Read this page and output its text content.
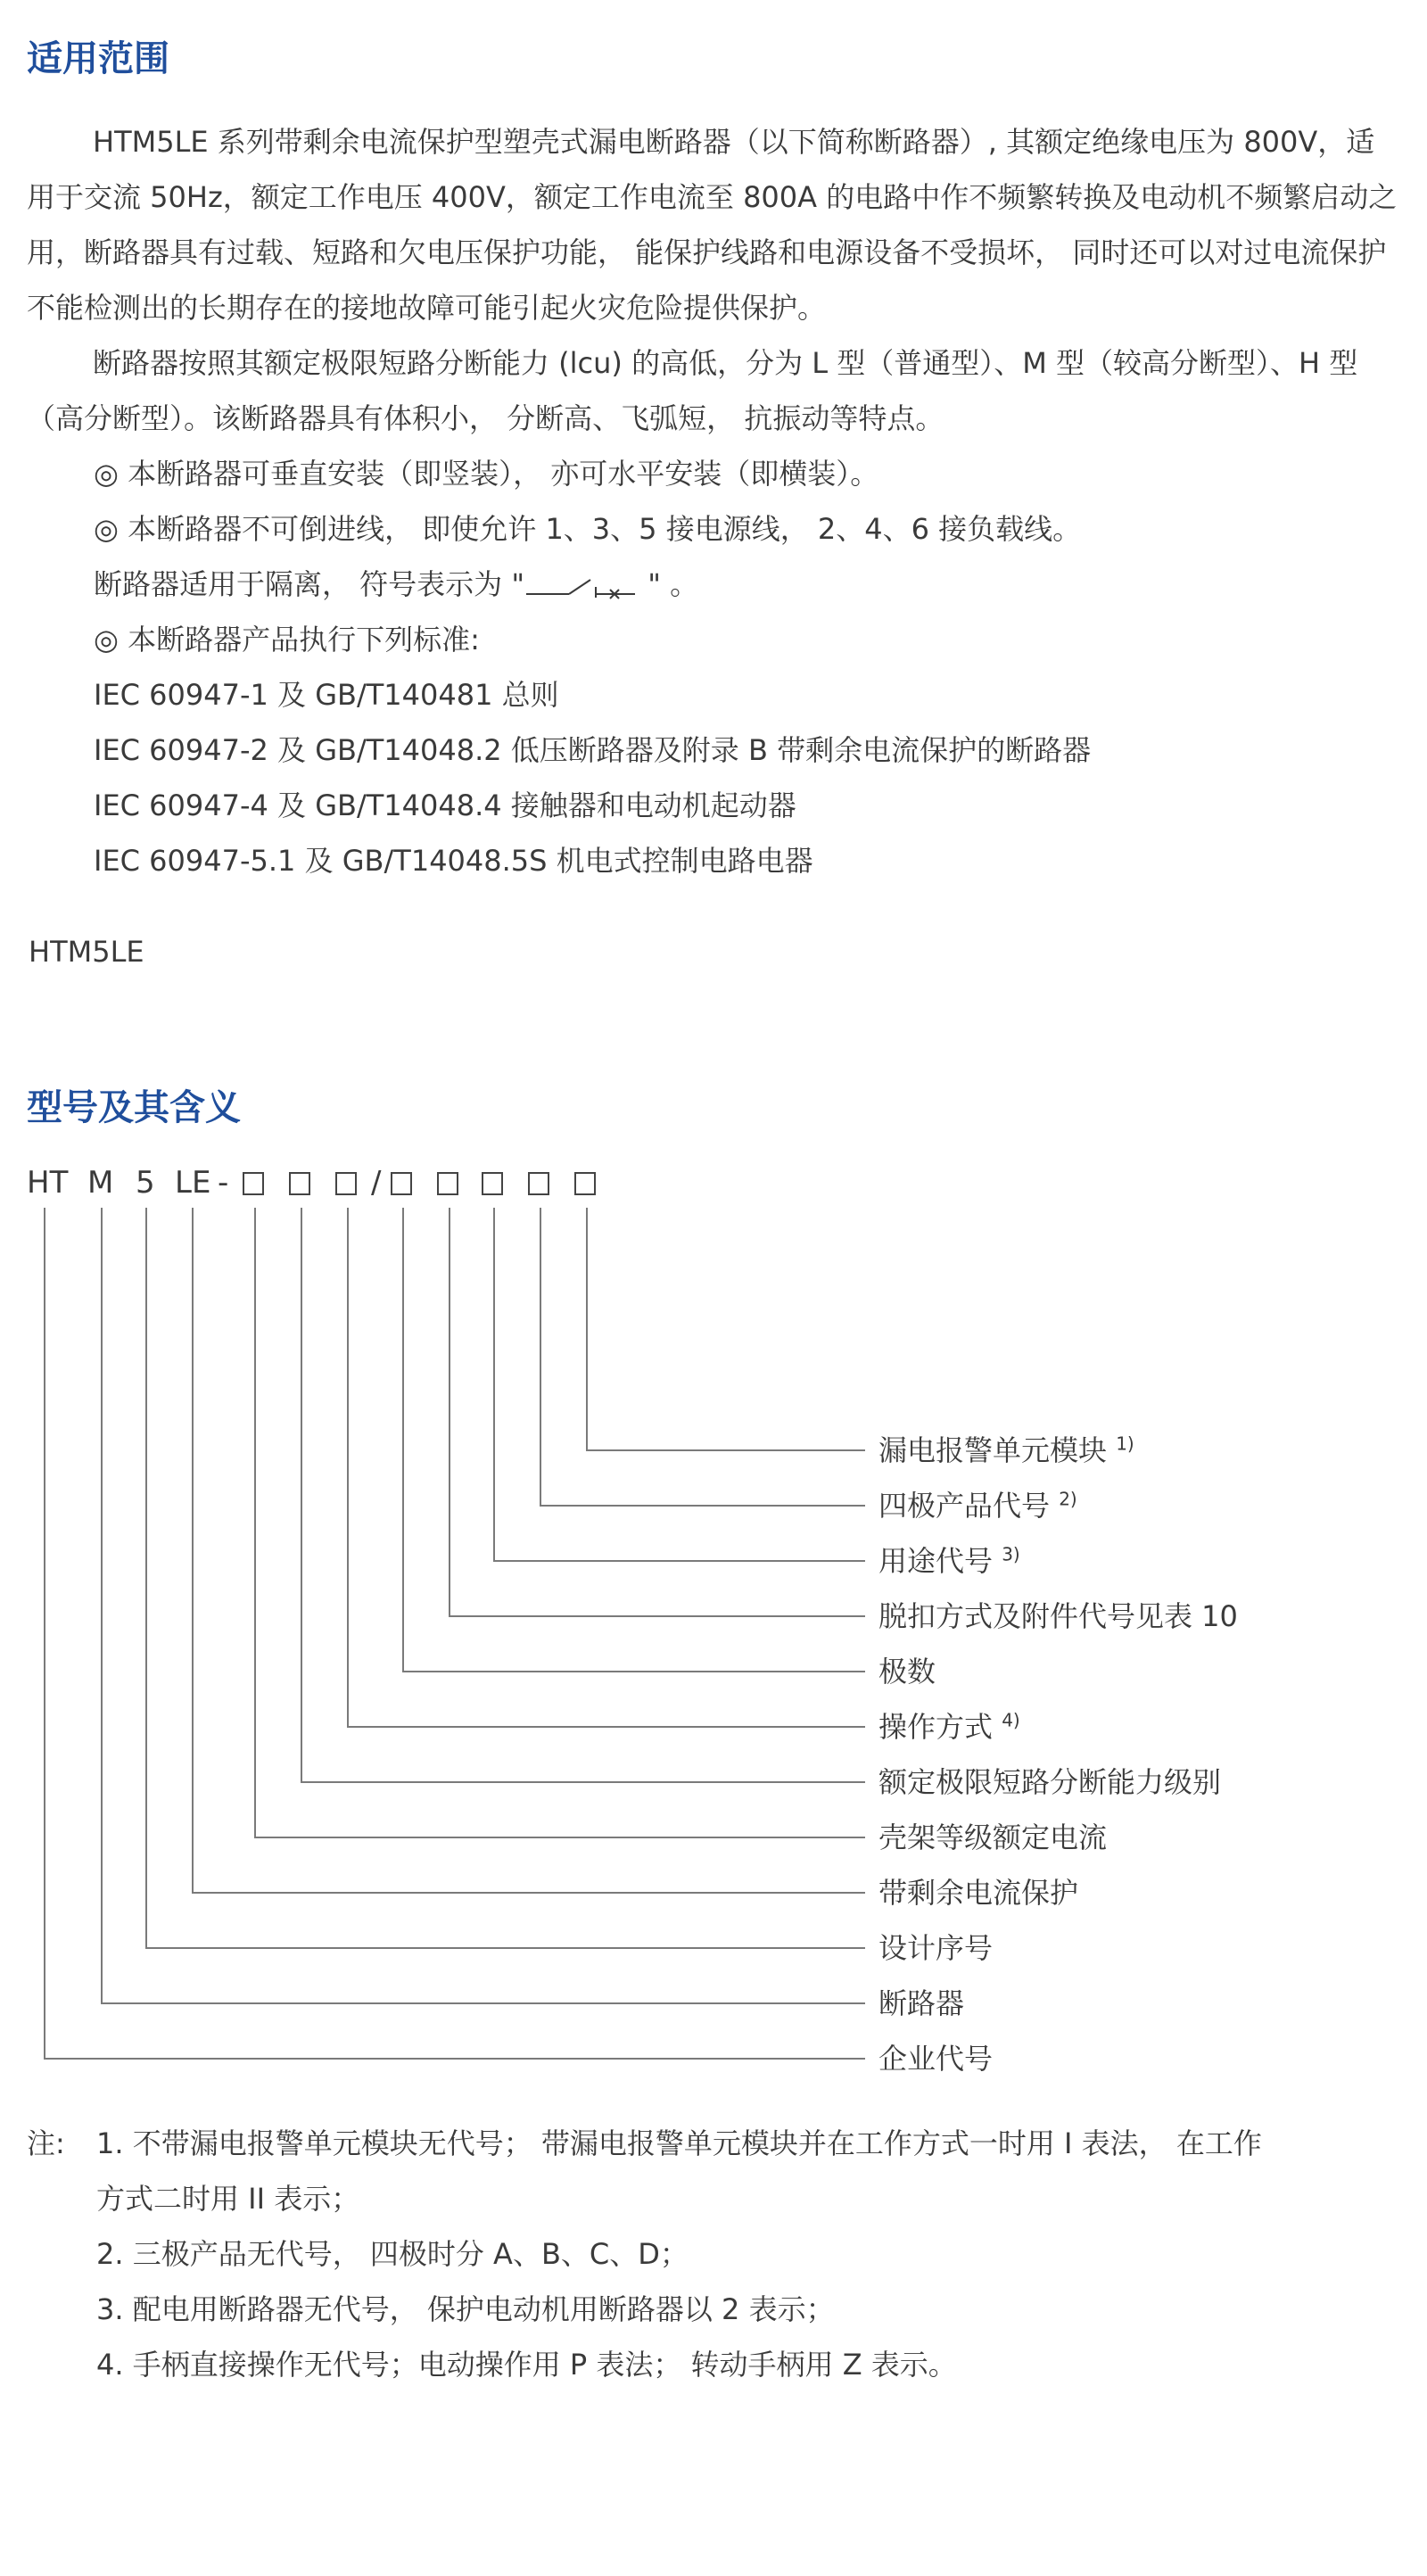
适用范围

HTM5LE 系列带剩余电流保护型塑壳式漏电断路器（以下简称断路器）, 其额定绝缘电压为 800V，适用于交流 50Hz，额定工作电压 400V，额定工作电流至 800A 的电路中作不频繁转换及电动机不频繁启动之用，断路器具有过载、短路和欠电压保护功能， 能保护线路和电源设备不受损坏， 同时还可以对过电流保护不能检测出的长期存在的接地故障可能引起火灾危险提供保护。

断路器按照其额定极限短路分断能力 (lcu) 的高低，分为 L 型（普通型）、M 型（较高分断型）、H 型（高分断型）。该断路器具有体积小， 分断高、飞弧短， 抗振动等特点。

◎ 本断路器可垂直安装（即竖装）， 亦可水平安装（即横装）。

◎ 本断路器不可倒进线， 即使允许 1、3、5 接电源线， 2、4、6 接负载线。

断路器适用于隔离， 符号表示为 "	" 。

◎ 本断路器产品执行下列标准:

IEC 60947-1 及 GB/T140481 总则

IEC 60947-2 及 GB/T14048.2 低压断路器及附录 B 带剩余电流保护的断路器

IEC 60947-4 及 GB/T14048.4 接触器和电动机起动器

IEC 60947-5.1 及 GB/T14048.5S 机电式控制电路电器

HTM5LE

型号及其含义
HT M 5 LE -	/
漏电报警单元模块 $^{1)}$
四极产品代号 $^{2)}$
用途代号 $^{3)}$
脱扣方式及附件代号见表 10
极数
操作方式 $^{4)}$
额定极限短路分断能力级别
壳架等级额定电流
带剩余电流保护
设计序号
断路器
企业代号

注: 1. 不带漏电报警单元模块无代号； 带漏电报警单元模块并在工作方式一时用 I 表法， 在工作

方式二时用 II 表示；

2. 三极产品无代号， 四极时分 A、B、C、D；

3. 配电用断路器无代号， 保护电动机用断路器以 2 表示；

4. 手柄直接操作无代号；电动操作用 P 表法； 转动手柄用 Z 表示。
